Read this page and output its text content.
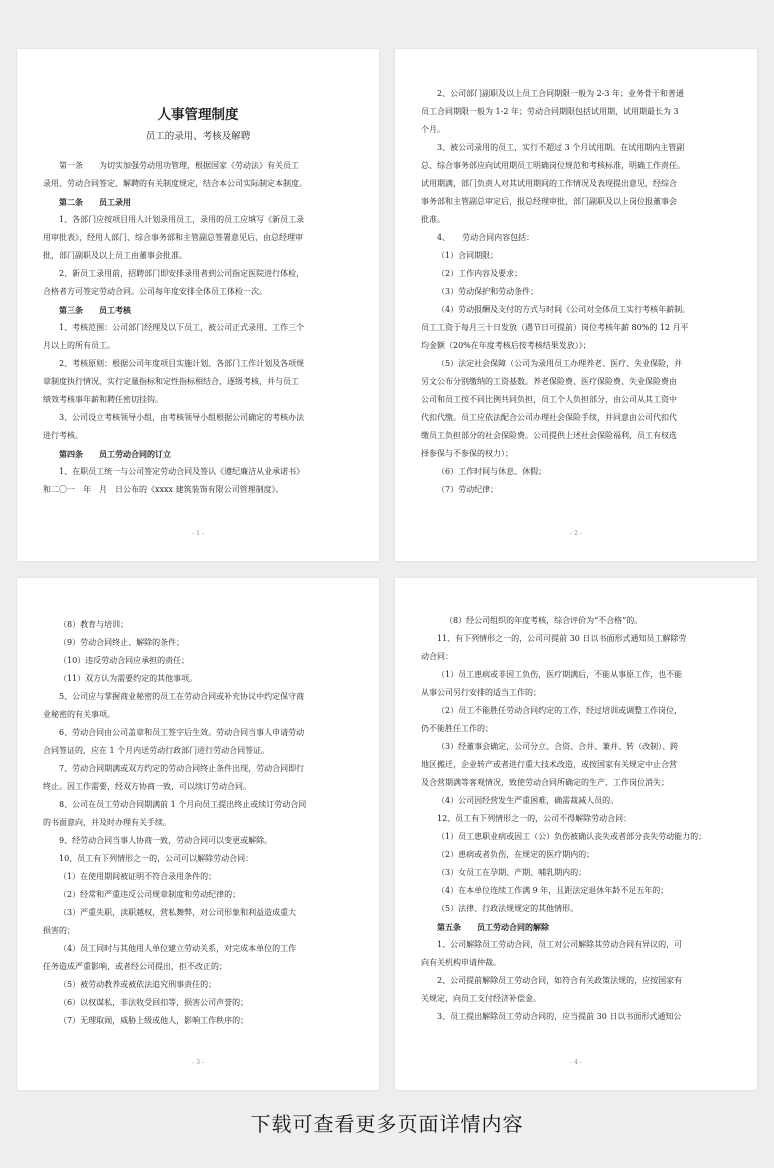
人事管理制度
员工的录用、考核及解聘
第一条　　为切实加强劳动用功管理，根据国家《劳动法》有关员工
录用、劳动合同签定、解聘的有关制度规定，结合本公司实际制定本制度。
第二条　　员工录用
1、各部门应按项目用人计划录用员工，录用的员工应填写《新员工录
用审批表》，经用人部门、综合事务部和主管副总签署意见后，由总经理审
批，部门副职及以上员工由董事会批准。
2、新员工录用前，招聘部门即安排录用者到公司指定医院进行体检，
合格者方可签定劳动合同。公司每年度安排全体员工体检一次。
第三条　　员工考核
1、考核范围：公司部门经理及以下员工，被公司正式录用、工作三个
月以上的所有员工。
2、考核原则：根据公司年度项目实施计划、各部门工作计划及各项规
章制度执行情况，实行定量指标和定性指标相结合，逐级考核，并与员工
绩效考核事年薪和聘任密切挂钩。
3、公司设立考核领导小组，由考核领导小组根据公司确定的考核办法
进行考核。
第四条　　员工劳动合同的订立
1、在职员工统一与公司签定劳动合同及签认《遵纪廉洁从业承诺书》
和二〇一　年　月　日公布的《xxxx 建筑装饰有限公司管理制度》。
- 1 -
2、公司部门副职及以上员工合同期限一般为 2-3 年；业务骨干和普通
员工合同期限一般为 1-2 年；劳动合同期限包括试用期，试用期最长为 3
个月。
3、被公司录用的员工，实行不超过 3 个月试用期。在试用期内主管副
总、综合事务部应向试用期员工明确岗位规范和考核标准，明确工作责任。
试用期满，部门负责人对其试用期间的工作情况及表现提出意见，经综合
事务部和主管副总审定后，报总经理审批，部门副职及以上岗位报董事会
批准。
4、　　劳动合同内容包括：
（1）合同期限；
（2）工作内容及要求；
（3）劳动保护和劳动条件；
（4）劳动报酬及支付的方式与时间《公司对全体员工实行考核年薪制。
员工工资于每月三十日发放（遇节日可提前）岗位考核年薪 80%的 12 月平
均金额（20%在年度考核后按考核结果发放）》；
（5）法定社会保障（公司为录用员工办理养老、医疗、失业保险，并
另文公布分别缴纳的工资基数。养老保险费、医疗保险费、失业保险费由
公司和员工按不同比例共同负担，员工个人负担部分，由公司从其工资中
代扣代缴。员工应依法配合公司办理社会保险手续，并同意由公司代扣代
缴员工负担部分的社会保险费。公司提供上述社会保险福利，员工有权选
择参保与不参保的权力）；
（6）工作时间与休息、休假；
（7）劳动纪律；
- 2 -
（8）教育与培训；
（9）劳动合同终止、解除的条件；
（10）违反劳动合同应承担的责任；
（11）双方认为需要约定的其他事项。
5、公司应与掌握商业秘密的员工在劳动合同或补充协议中约定保守商
业秘密的有关事项。
6、劳动合同由公司盖章和员工签字后生效。劳动合同当事人申请劳动
合同签证的，应在 1 个月内送劳动行政部门进行劳动合同签证。
7、劳动合同期满或双方约定的劳动合同终止条件出现，劳动合同即行
终止。因工作需要，经双方协商一致，可以续订劳动合同。
8、公司在员工劳动合同期满前 1 个月向员工提出终止或续订劳动合同
的书面意向，并及时办理有关手续。
9、经劳动合同当事人协商一致，劳动合同可以变更或解除。
10、员工有下列情形之一的，公司可以解除劳动合同：
（1）在使用期间被证明不符合录用条件的；
（2）经常和严重违反公司规章制度和劳动纪律的；
（3）严重失职，渎职越权，营私舞弊，对公司形象和利益造成重大
损害的；
（4）员工同时与其他用人单位建立劳动关系，对完成本单位的工作
任务造成严重影响，或者经公司提出，拒不改正的；
（5）被劳动教养或被依法追究刑事责任的；
（6）以权谋私，非法收受回扣等，损害公司声誉的；
（7）无理取闹，威胁上级或他人，影响工作秩序的；
- 3 -
（8）经公司组织的年度考核，综合评价为“不合格”的。
11、有下列情形之一的，公司可提前 30 日以书面形式通知员工解除劳
动合同：
（1）员工患病或非因工负伤，医疗期满后，不能从事原工作，也不能
从事公司另行安排的适当工作的；
（2）员工不能胜任劳动合同约定的工作，经过培训或调整工作岗位，
仍不能胜任工作的；
（3）经董事会确定，公司分立、合资、合并、兼并、转（改制）、跨
地区搬迁，企业转产或者进行重大技术改造，或按国家有关规定中止合营
及合营期满等客观情况，致使劳动合同所确定的生产、工作岗位消失；
（4）公司因经营发生严重困难，确需裁减人员的。
12、员工有下列情形之一的，公司不得解除劳动合同：
（1）员工患职业病或因工（公）负伤被确认丧失或者部分丧失劳动能力的；
（2）患病或者负伤，在规定的医疗期内的；
（3）女员工在孕期、产期、哺乳期内的；
（4）在本单位连续工作满 9 年，且距法定退休年龄不足五年的；
（5）法律、行政法规规定的其他情形。
第五条　　员工劳动合同的解除
1、公司解除员工劳动合同，员工对公司解除其劳动合同有异议的，可
向有关机构申请仲裁。
2、公司提前解除员工劳动合同，如符合有关政策法规的，应按国家有
关规定，向员工支付经济补偿金。
3、员工提出解除员工劳动合同的，应当提前 30 日以书面形式通知公
- 4 -
下载可查看更多页面详情内容
